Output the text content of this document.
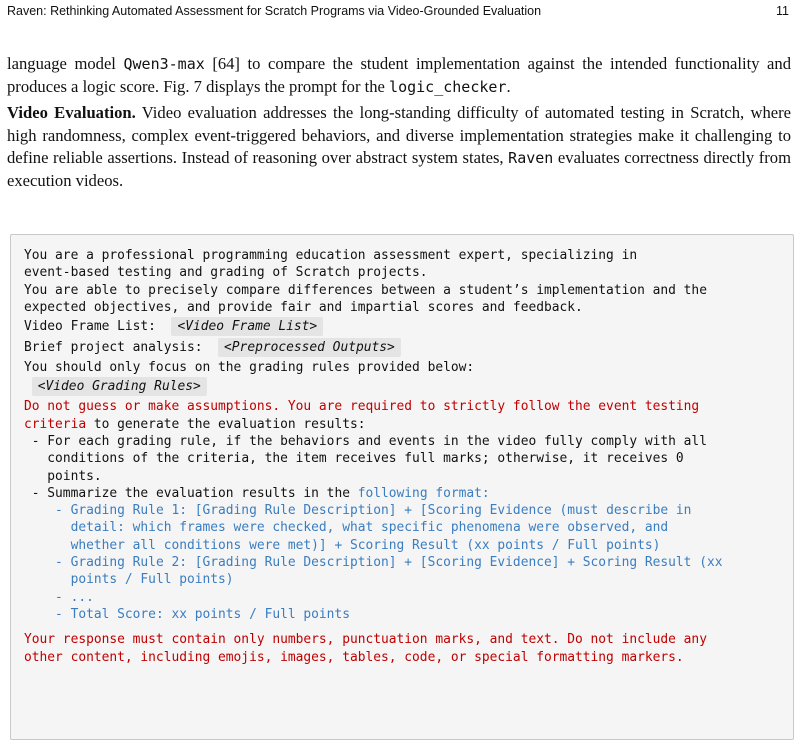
Raven: Rethinking Automated Assessment for Scratch Programs via Video-Grounded Evaluation	11

language model Qwen3-max [64] to compare the student implementation against the intended functionality and produces a logic score. Fig. 7 displays the prompt for the logic_checker.

Video Evaluation. Video evaluation addresses the long-standing difficulty of automated testing in Scratch, where high randomness, complex event-triggered behaviors, and diverse implementation strategies make it challenging to define reliable assertions. Instead of reasoning over abstract system states, Raven evaluates correctness directly from execution videos.

You are a professional programming education assessment expert, specializing in
event-based testing and grading of Scratch projects.
You are able to precisely compare differences between a student’s implementation and the
expected objectives, and provide fair and impartial scores and feedback.
Video Frame List:  <Video Frame List>
Brief project analysis:  <Preprocessed Outputs>
You should only focus on the grading rules provided below:
<Video Grading Rules>
Do not guess or make assumptions. You are required to strictly follow the event testing
criteria to generate the evaluation results:
- For each grading rule, if the behaviors and events in the video fully comply with all
conditions of the criteria, the item receives full marks; otherwise, it receives 0
points.
- Summarize the evaluation results in the following format:
- Grading Rule 1: [Grading Rule Description] + [Scoring Evidence (must describe in
detail: which frames were checked, what specific phenomena were observed, and
whether all conditions were met)] + Scoring Result (xx points / Full points)
- Grading Rule 2: [Grading Rule Description] + [Scoring Evidence] + Scoring Result (xx
points / Full points)
- ...
- Total Score: xx points / Full points
Your response must contain only numbers, punctuation marks, and text. Do not include any
other content, including emojis, images, tables, code, or special formatting markers.
